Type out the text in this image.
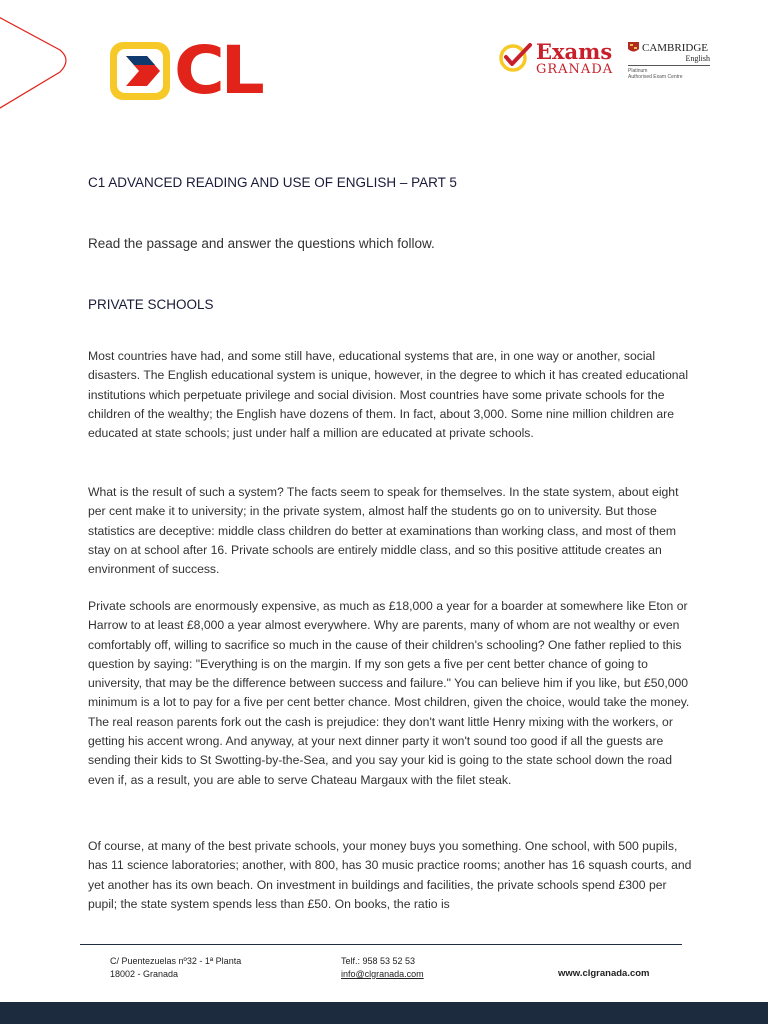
CL	Exams
GRANADA
CAMBRIDGE
English
Platinum
Authorised Exam Centre
C1 ADVANCED READING AND USE OF ENGLISH – PART 5
Read the passage and answer the questions which follow.
PRIVATE SCHOOLS

Most countries have had, and some still have, educational systems that are, in one way or another, social disasters. The English educational system is unique, however, in the degree to which it has created educational institutions which perpetuate privilege and social division. Most countries have some private schools for the children of the wealthy; the English have dozens of them. In fact, about 3,000. Some nine million children are educated at state schools; just under half a million are educated at private schools.

What is the result of such a system? The facts seem to speak for themselves. In the state system, about eight per cent make it to university; in the private system, almost half the students go on to university. But those statistics are deceptive: middle class children do better at examinations than working class, and most of them stay on at school after 16. Private schools are entirely middle class, and so this positive attitude creates an environment of success.

Private schools are enormously expensive, as much as £18,000 a year for a boarder at somewhere like Eton or Harrow to at least £8,000 a year almost everywhere. Why are parents, many of whom are not wealthy or even comfortably off, willing to sacrifice so much in the cause of their children's schooling? One father replied to this question by saying: "Everything is on the margin. If my son gets a five per cent better chance of going to university, that may be the difference between success and failure." You can believe him if you like, but £50,000 minimum is a lot to pay for a five per cent better chance. Most children, given the choice, would take the money. The real reason parents fork out the cash is prejudice: they don't want little Henry mixing with the workers, or getting his accent wrong. And anyway, at your next dinner party it won't sound too good if all the guests are sending their kids to St Swotting-by-the-Sea, and you say your kid is going to the state school down the road even if, as a result, you are able to serve Chateau Margaux with the filet steak.

Of course, at many of the best private schools, your money buys you something. One school, with 500 pupils, has 11 science laboratories; another, with 800, has 30 music practice rooms; another has 16 squash courts, and yet another has its own beach. On investment in buildings and facilities, the private schools spend £300 per pupil; the state system spends less than £50. On books, the ratio is

C/ Puentezuelas nº32 - 1ª Planta
18002 - Granada
Telf.: 958 53 52 53
info@clgranada.com	www.clgranada.com
